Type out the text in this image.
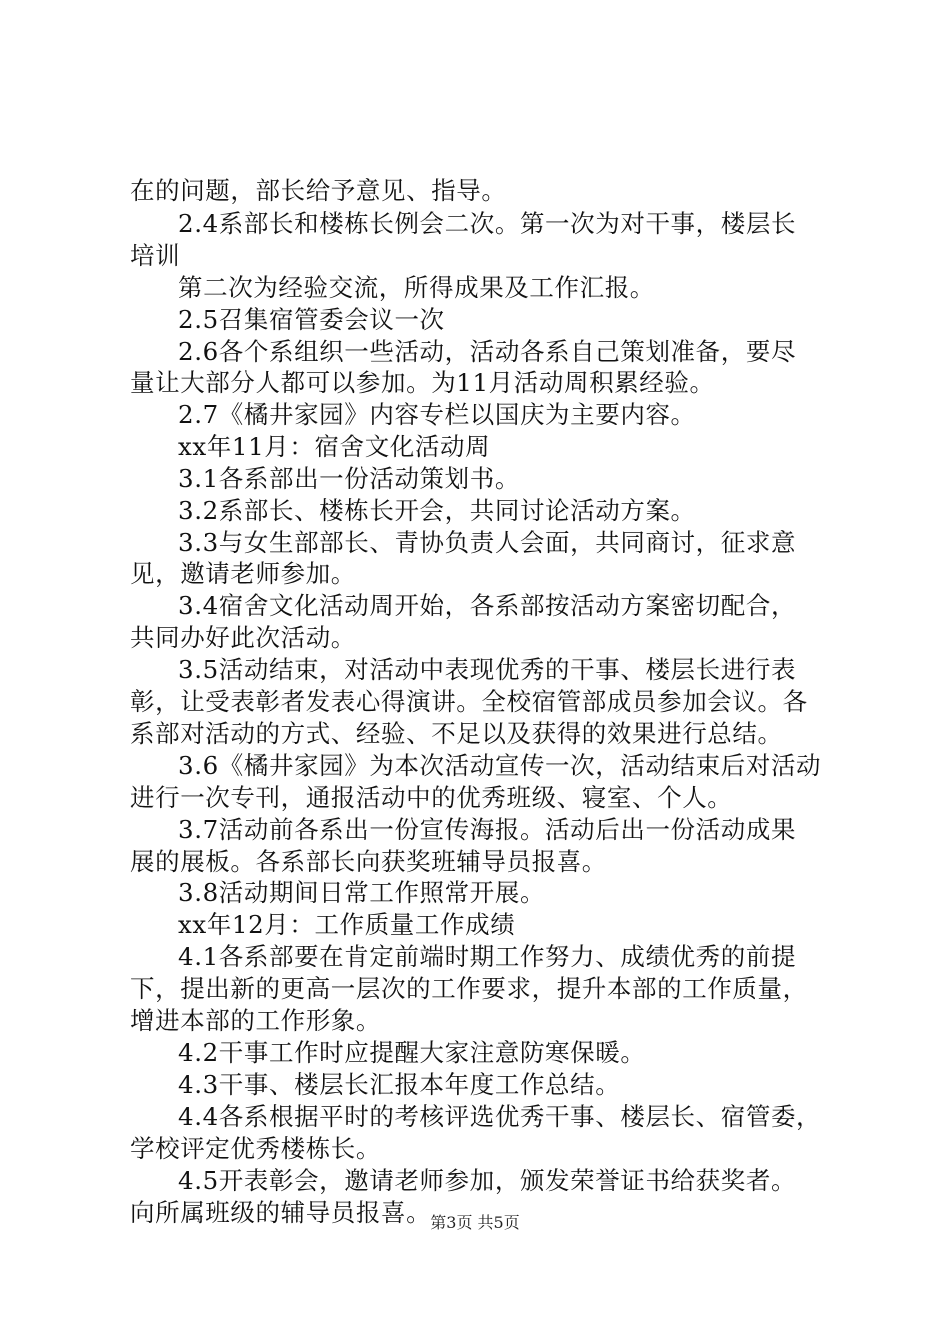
在的问题，部长给予意见、指导。
2.4系部长和楼栋长例会二次。第一次为对干事，楼层长
培训
第二次为经验交流，所得成果及工作汇报。
2.5召集宿管委会议一次
2.6各个系组织一些活动，活动各系自己策划准备，要尽
量让大部分人都可以参加。为11月活动周积累经验。
2.7《橘井家园》内容专栏以国庆为主要内容。
xx年11月：宿舍文化活动周
3.1各系部出一份活动策划书。
3.2系部长、楼栋长开会，共同讨论活动方案。
3.3与女生部部长、青协负责人会面，共同商讨，征求意
见，邀请老师参加。
3.4宿舍文化活动周开始，各系部按活动方案密切配合，
共同办好此次活动。
3.5活动结束，对活动中表现优秀的干事、楼层长进行表
彰，让受表彰者发表心得演讲。全校宿管部成员参加会议。各
系部对活动的方式、经验、不足以及获得的效果进行总结。
3.6《橘井家园》为本次活动宣传一次，活动结束后对活动
进行一次专刊，通报活动中的优秀班级、寝室、个人。
3.7活动前各系出一份宣传海报。活动后出一份活动成果
展的展板。各系部长向获奖班辅导员报喜。
3.8活动期间日常工作照常开展。
xx年12月：工作质量工作成绩
4.1各系部要在肯定前端时期工作努力、成绩优秀的前提
下，提出新的更高一层次的工作要求，提升本部的工作质量，
增进本部的工作形象。
4.2干事工作时应提醒大家注意防寒保暖。
4.3干事、楼层长汇报本年度工作总结。
4.4各系根据平时的考核评选优秀干事、楼层长、宿管委，
学校评定优秀楼栋长。
4.5开表彰会，邀请老师参加，颁发荣誉证书给获奖者。
向所属班级的辅导员报喜。 第3页 共5页
